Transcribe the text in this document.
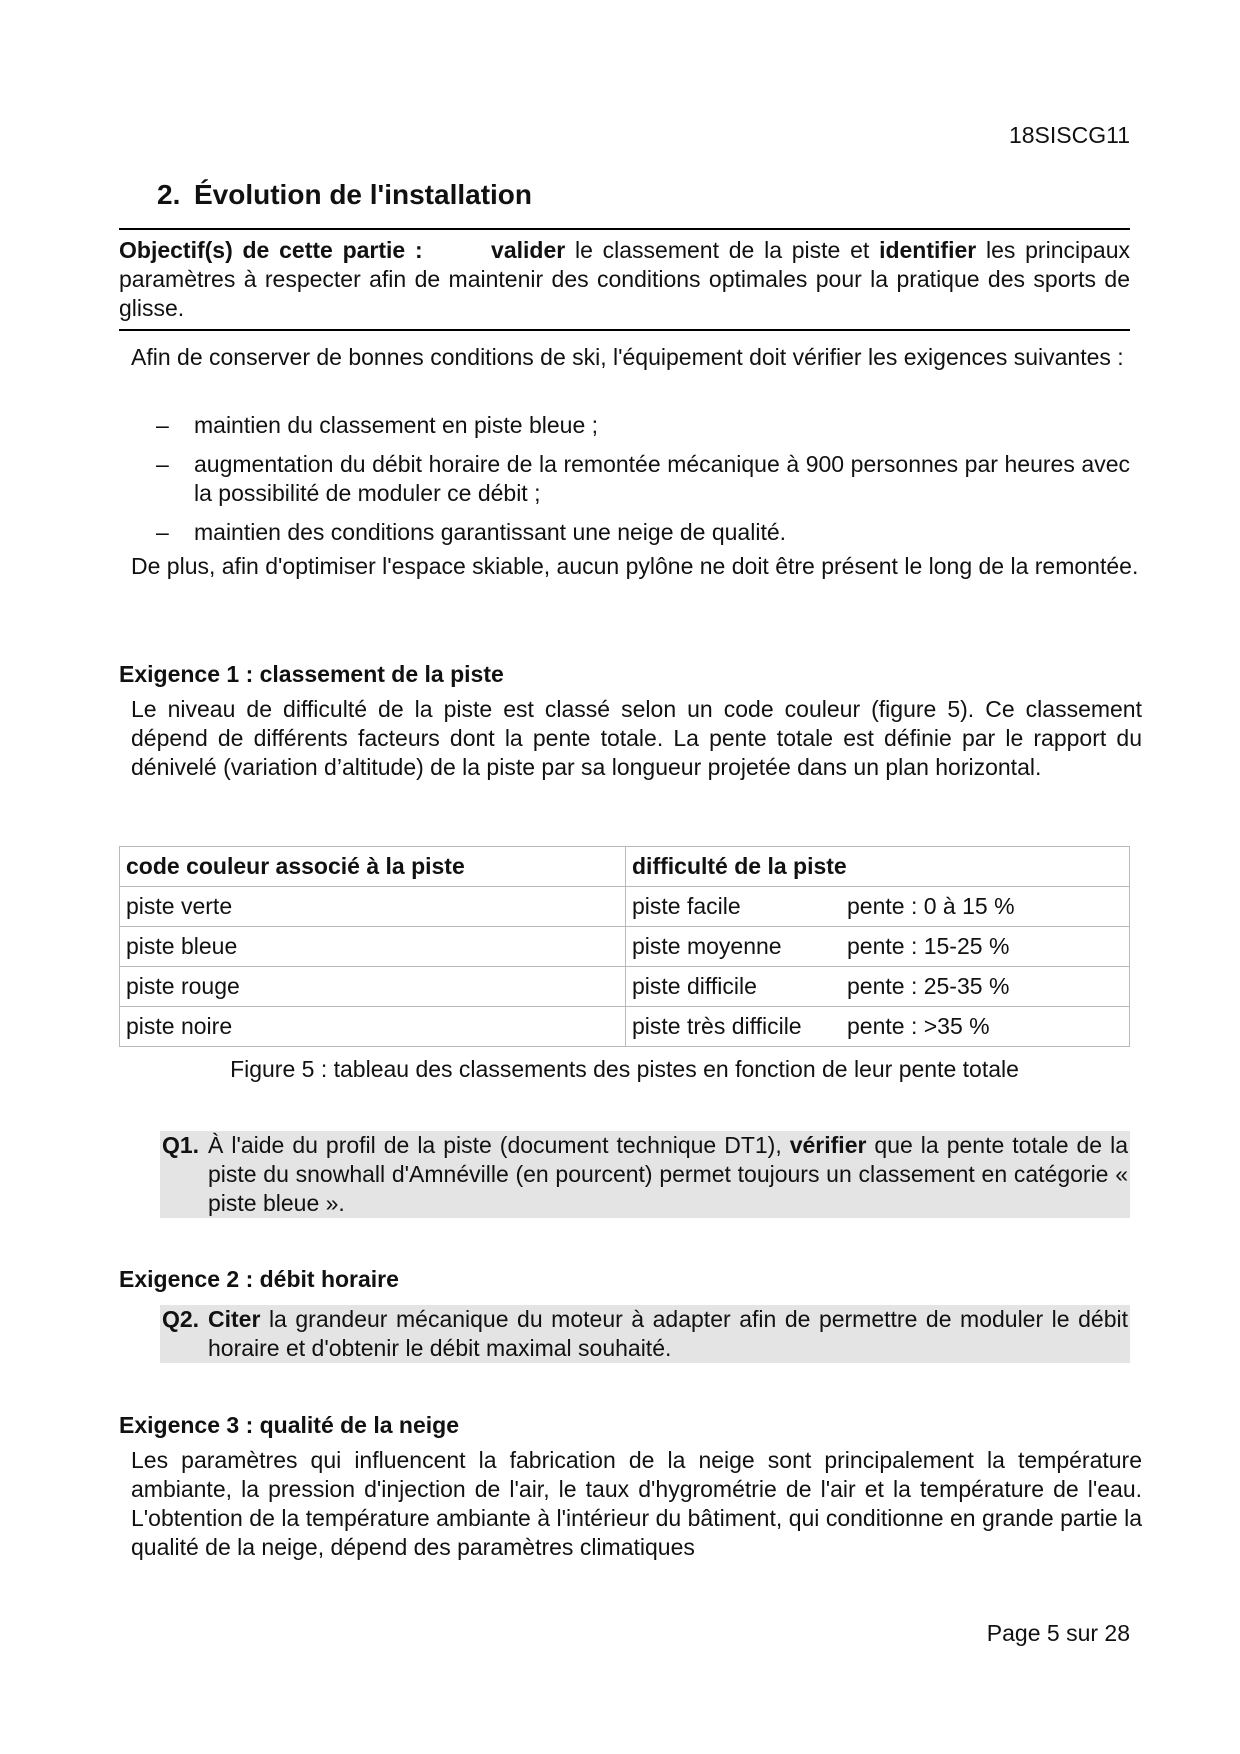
18SISCG11
2. Évolution de l'installation
Objectif(s) de cette partie :	valider le classement de la piste et identifier les principaux paramètres à respecter afin de maintenir des conditions optimales pour la pratique des sports de glisse.
Afin de conserver de bonnes conditions de ski, l'équipement doit vérifier les exigences suivantes :
– maintien du classement en piste bleue ;
– augmentation du débit horaire de la remontée mécanique à 900 personnes par heures avec la possibilité de moduler ce débit ;
– maintien des conditions garantissant une neige de qualité.
De plus, afin d'optimiser l'espace skiable, aucun pylône ne doit être présent le long de la remontée.
Exigence 1 : classement de la piste
Le niveau de difficulté de la piste est classé selon un code couleur (figure 5). Ce classement dépend de différents facteurs dont la pente totale. La pente totale est définie par le rapport du dénivelé (variation d’altitude) de la piste par sa longueur projetée dans un plan horizontal.
code couleur associé à la piste	difficulté de la piste
piste verte	piste facile pente : 0 à 15 %
piste bleue	piste moyenne pente : 15-25 %
piste rouge	piste difficile pente : 25-35 %
piste noire	piste très difficile pente : >35 %
Figure 5 : tableau des classements des pistes en fonction de leur pente totale
Q1. À l'aide du profil de la piste (document technique DT1), vérifier que la pente totale de la piste du snowhall d'Amnéville (en pourcent) permet toujours un classement en catégorie « piste bleue ».
Exigence 2 : débit horaire
Q2. Citer la grandeur mécanique du moteur à adapter afin de permettre de moduler le débit horaire et d'obtenir le débit maximal souhaité.
Exigence 3 : qualité de la neige
Les paramètres qui influencent la fabrication de la neige sont principalement la température ambiante, la pression d'injection de l'air, le taux d'hygrométrie de l'air et la température de l'eau. L'obtention de la température ambiante à l'intérieur du bâtiment, qui conditionne en grande partie la qualité de la neige, dépend des paramètres climatiques
Page 5 sur 28
